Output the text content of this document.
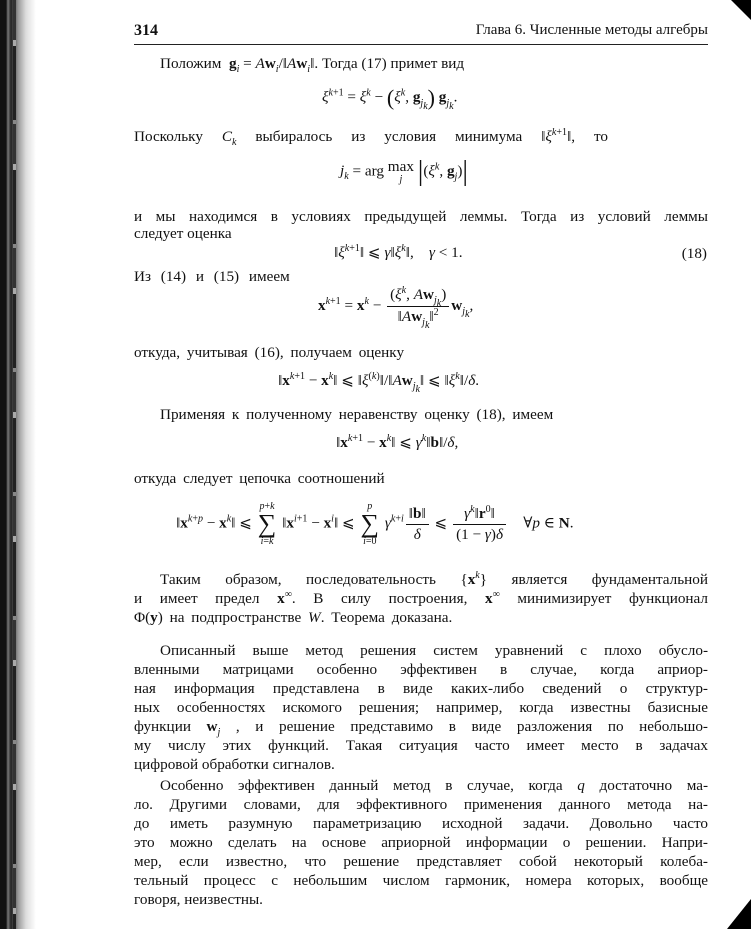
314	Глава 6. Численные методы алгебры
Положим $g_i$ = $Aw_i/‖Aw_i‖$. Тогда (17) примет вид
$\xi^{k+1} = \xi^k - (\xi^k$, $g_{j_k}$) $g_{j_k}$.
Поскольку $C_k$ выбиралось из условия минимума $‖\xi^{k+1}‖$, то
$j_k$ = arg max
j $|(\xi^k$, $g_j)|$
и мы находимся в условиях предыдущей леммы. Тогда из условий леммы
следует оценка
$‖\xi^{k+1}‖$ ⩽ $\gamma‖\xi^k‖$,    γ < 1.	(18)
Из (14) и (15) имеем
$x^{k+1} = x^k - \frac{(\xi^k, Aw_{j_k})}{‖Aw_{j_k}‖^2} w_{j_k}$,
откуда, учитывая (16), получаем оценку
$‖x^{k+1}$ − $x^k‖$ ⩽ $‖\xi^{(k)}‖/‖Aw_{j_k}‖$ ⩽ $‖\xi^k‖/\delta$.
Применяя к полученному неравенству оценку (18), имеем
$‖x^{k+1}$ − $x^k‖$ ⩽ $\gamma^k‖b‖/\delta$,
откуда следует цепочка соотношений
$‖x^{k+p}$ − $x^k‖$ ⩽
p+k
∑
i=k
$‖x^{i+1}$ − $x^i‖$ ⩽
p
∑
i=0
$\gamma^{k+i} \frac{‖b‖}{\delta}$ ⩽ $\frac{\gamma^k‖r^0‖}{(1 - \gamma)\delta}$ ∀p ∈ N.
Таким образом, последовательность $\{x^k\}$ является фундаментальной
и имеет предел x∞. В силу построения, x∞ минимизирует функционал
Φ(y) на подпространстве W. Теорема доказана.
Описанный выше метод решения систем уравнений с плохо обусло-
вленными матрицами особенно эффективен в случае, когда априор-
ная информация представлена в виде каких-либо сведений о структур-
ных особенностях искомого решения; например, когда известны базисные
функции $w_j$ , и решение представимо в виде разложения по небольшо-
му числу этих функций. Такая ситуация часто имеет место в задачах
цифровой обработки сигналов.
Особенно эффективен данный метод в случае, когда q достаточно ма-
ло. Другими словами, для эффективного применения данного метода на-
до иметь разумную параметризацию исходной задачи. Довольно часто
это можно сделать на основе априорной информации о решении. Напри-
мер, если известно, что решение представляет собой некоторый колеба-
тельный процесс с небольшим числом гармоник, номера которых, вообще
говоря, неизвестны.
